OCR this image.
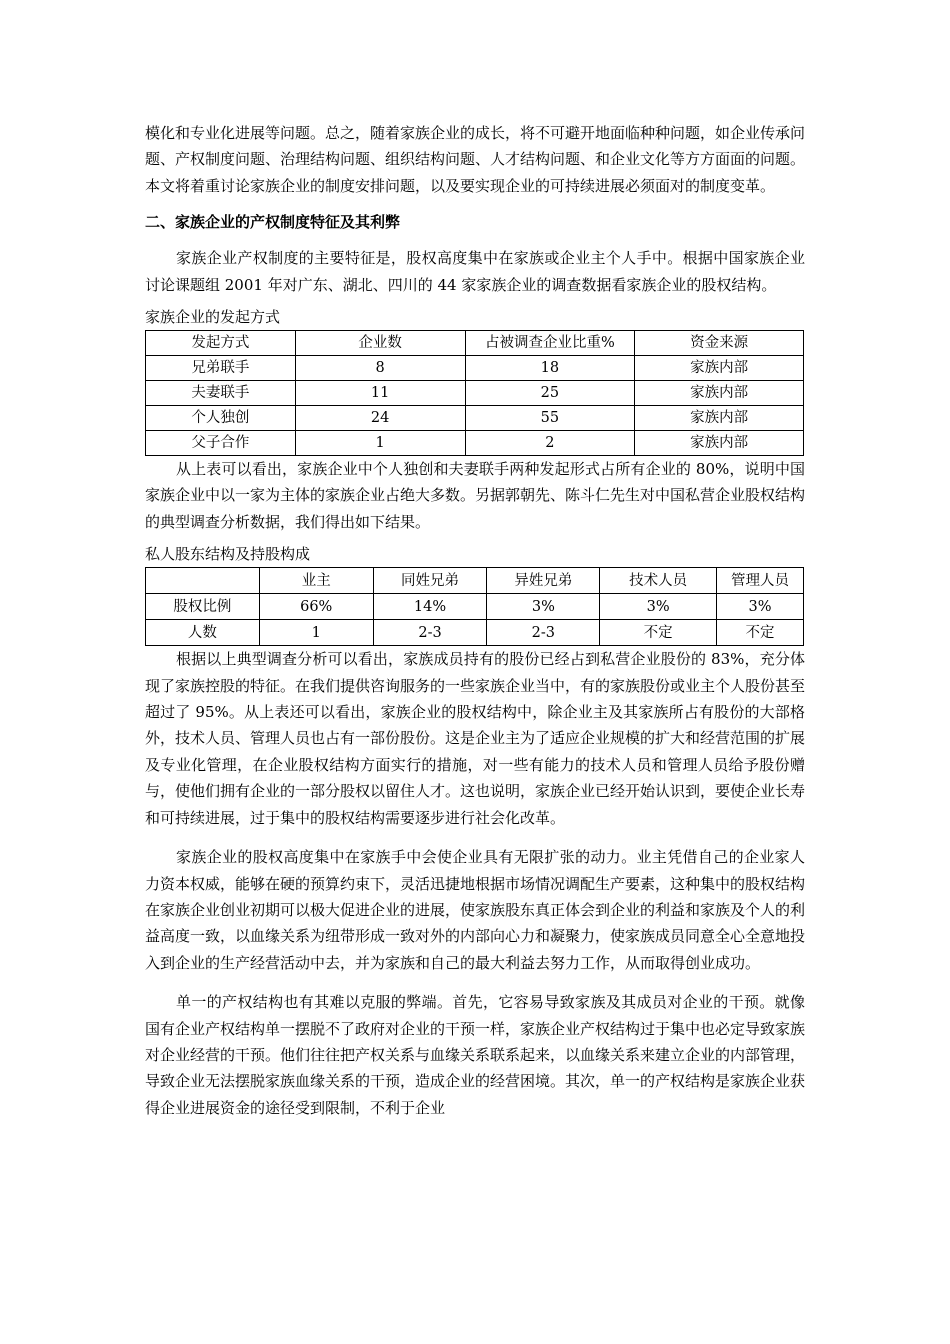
模化和专业化进展等问题。总之，随着家族企业的成长，将不可避开地面临种种问题，如企业传承问题、产权制度问题、治理结构问题、组织结构问题、人才结构问题、和企业文化等方方面面的问题。本文将着重讨论家族企业的制度安排问题，以及要实现企业的可持续进展必须面对的制度变革。

二、家族企业的产权制度特征及其利弊

家族企业产权制度的主要特征是，股权高度集中在家族或企业主个人手中。根据中国家族企业讨论课题组 2001 年对广东、湖北、四川的 44 家家族企业的调查数据看家族企业的股权结构。

家族企业的发起方式
发起方式	企业数	占被调查企业比重%	资金来源
兄弟联手	8	18	家族内部
夫妻联手	11	25	家族内部
个人独创	24	55	家族内部
父子合作	1	2	家族内部

从上表可以看出，家族企业中个人独创和夫妻联手两种发起形式占所有企业的 80%，说明中国家族企业中以一家为主体的家族企业占绝大多数。另据郭朝先、陈斗仁先生对中国私营企业股权结构的典型调查分析数据，我们得出如下结果。

私人股东结构及持股构成
	业主	同姓兄弟	异姓兄弟	技术人员	管理人员
股权比例	66%	14%	3%	3%	3%
人数	1	2-3	2-3	不定	不定

根据以上典型调查分析可以看出，家族成员持有的股份已经占到私营企业股份的 83%，充分体现了家族控股的特征。在我们提供咨询服务的一些家族企业当中，有的家族股份或业主个人股份甚至超过了 95%。从上表还可以看出，家族企业的股权结构中，除企业主及其家族所占有股份的大部格外，技术人员、管理人员也占有一部份股份。这是企业主为了适应企业规模的扩大和经营范围的扩展及专业化管理，在企业股权结构方面实行的措施，对一些有能力的技术人员和管理人员给予股份赠与，使他们拥有企业的一部分股权以留住人才。这也说明，家族企业已经开始认识到，要使企业长寿和可持续进展，过于集中的股权结构需要逐步进行社会化改革。

家族企业的股权高度集中在家族手中会使企业具有无限扩张的动力。业主凭借自己的企业家人力资本权威，能够在硬的预算约束下，灵活迅捷地根据市场情况调配生产要素，这种集中的股权结构在家族企业创业初期可以极大促进企业的进展，使家族股东真正体会到企业的利益和家族及个人的利益高度一致，以血缘关系为纽带形成一致对外的内部向心力和凝聚力，使家族成员同意全心全意地投入到企业的生产经营活动中去，并为家族和自己的最大利益去努力工作，从而取得创业成功。

单一的产权结构也有其难以克服的弊端。首先，它容易导致家族及其成员对企业的干预。就像国有企业产权结构单一摆脱不了政府对企业的干预一样，家族企业产权结构过于集中也必定导致家族对企业经营的干预。他们往往把产权关系与血缘关系联系起来，以血缘关系来建立企业的内部管理，导致企业无法摆脱家族血缘关系的干预，造成企业的经营困境。其次，单一的产权结构是家族企业获得企业进展资金的途径受到限制，不利于企业
